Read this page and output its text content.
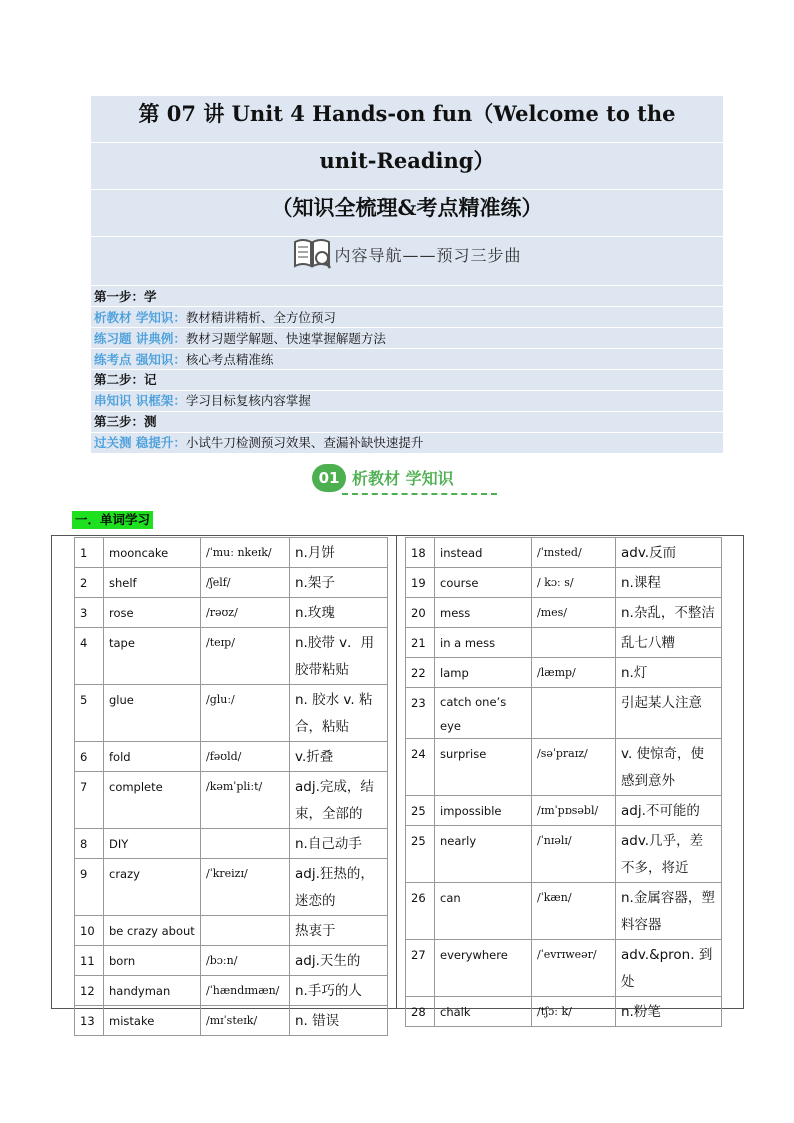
第 07 讲 Unit 4 Hands-on fun（Welcome to the
unit-Reading）
（知识全梳理&考点精准练）
内容导航——预习三步曲
第一步：学
析教材 学知识：教材精讲精析、全方位预习
练习题 讲典例：教材习题学解题、快速掌握解题方法
练考点 强知识：核心考点精准练
第二步：记
串知识 识框架：学习目标复核内容掌握
第三步：测
过关测 稳提升：小试牛刀检测预习效果、查漏补缺快速提升
01 析教材 学知识
一．单词学习
1	mooncake	/ˈmuː nkeɪk/	n.月饼
2	shelf	/ʃelf/	n.架子
3	rose	/rəʊz/	n.玫瑰
4	tape	/teɪp/	n.胶带 v．用胶带粘贴
5	glue	/gluː/	n. 胶水 v. 粘合，粘贴
6	fold	/fəʊld/	v.折叠
7	complete	/kəmˈpliːt/	adj.完成，结束，全部的
8	DIY		n.自己动手
9	crazy	/ˈkreizɪ/	adj.狂热的，迷恋的
10	be crazy about		热衷于
11	born	/bɔːn/	adj.天生的
12	handyman	/ˈhændɪmæn/	n.手巧的人
13	mistake	/mɪˈsteɪk/	n. 错误
18	instead	/ˈɪnsted/	adv.反而
19	course	/ kɔː s/	n.课程
20	mess	/mes/	n.杂乱，不整洁
21	in a mess		乱七八糟
22	lamp	/læmp/	n.灯
23	catch one’s eye		引起某人注意
24	surprise	/səˈpraɪz/	v. 使惊奇，使感到意外
25	impossible	/ɪmˈpɒsəbl/	adj.不可能的
25	nearly	/ˈnɪəlɪ/	adv.几乎，差不多，将近
26	can	/ˈkæn/	n.金属容器，塑料容器
27	everywhere	/ˈevrɪweər/	adv.&pron. 到处
28	chalk	/tʃɔː k/	n.粉笔
